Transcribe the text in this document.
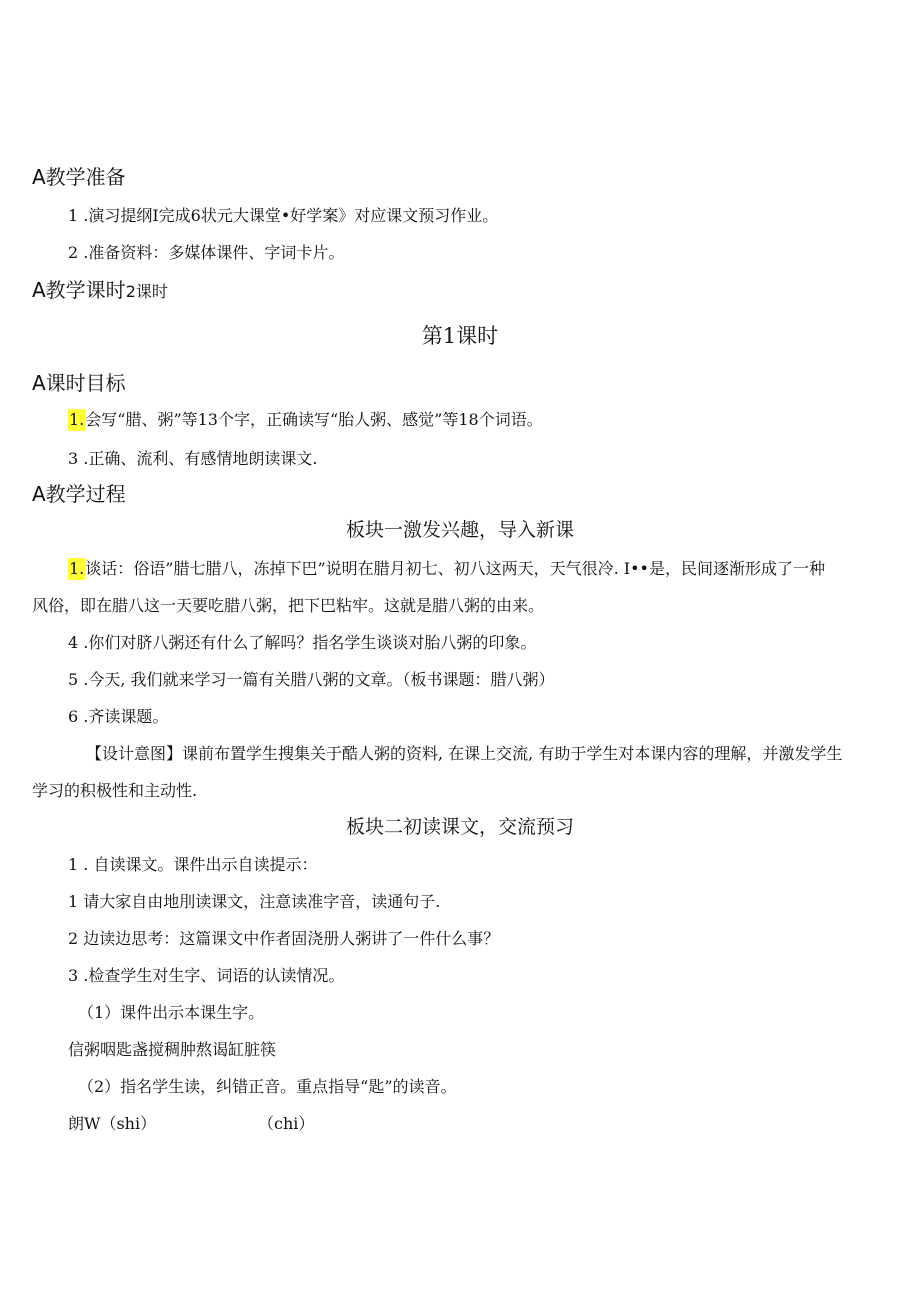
A教学准备
1 .演习提纲I完成6状元大课堂•好学案》对应课文预习作业。
2 .准备资料：多媒体课件、字词卡片。
A教学课时2课时
第1课时
A课时目标
1.会写“腊、粥”等13个字，正确读写“胎人粥、感觉”等18个词语。
3 .正确、流利、有感情地朗读课文.
A教学过程
板块一激发兴趣，导入新课
1.谈话：俗语”腊七腊八，冻掉下巴”说明在腊月初七、初八这两天，天气很冷. I••是，民间逐渐形成了一种
风俗，即在腊八这一天要吃腊八粥，把下巴粘牢。这就是腊八粥的由来。
4 .你们对脐八粥还有什么了解吗？指名学生谈谈对胎八粥的印象。
5 .今天, 我们就来学习一篇有关腊八粥的文章。（板书课题：腊八粥）
6 .齐读课题。
【设计意图】课前布置学生搜集关于酷人粥的资料, 在课上交流, 有助于学生对本课内容的理解，并激发学生
学习的积极性和主动性.
板块二初读课文，交流预习
1 . 自读课文。课件出示自读提示：
1 请大家自由地刖读课文，注意读准字音，读通句子.
2 边读边思考：这篇课文中作者固浇册人粥讲了一件什么事？
3 .检查学生对生字、词语的认读情况。
（1）课件出示本课生字。
信粥咽匙盏搅稠肿熬谒缸脏筷
（2）指名学生读，纠错正音。重点指导“匙”的读音。
朗W（shi）	（chi）
